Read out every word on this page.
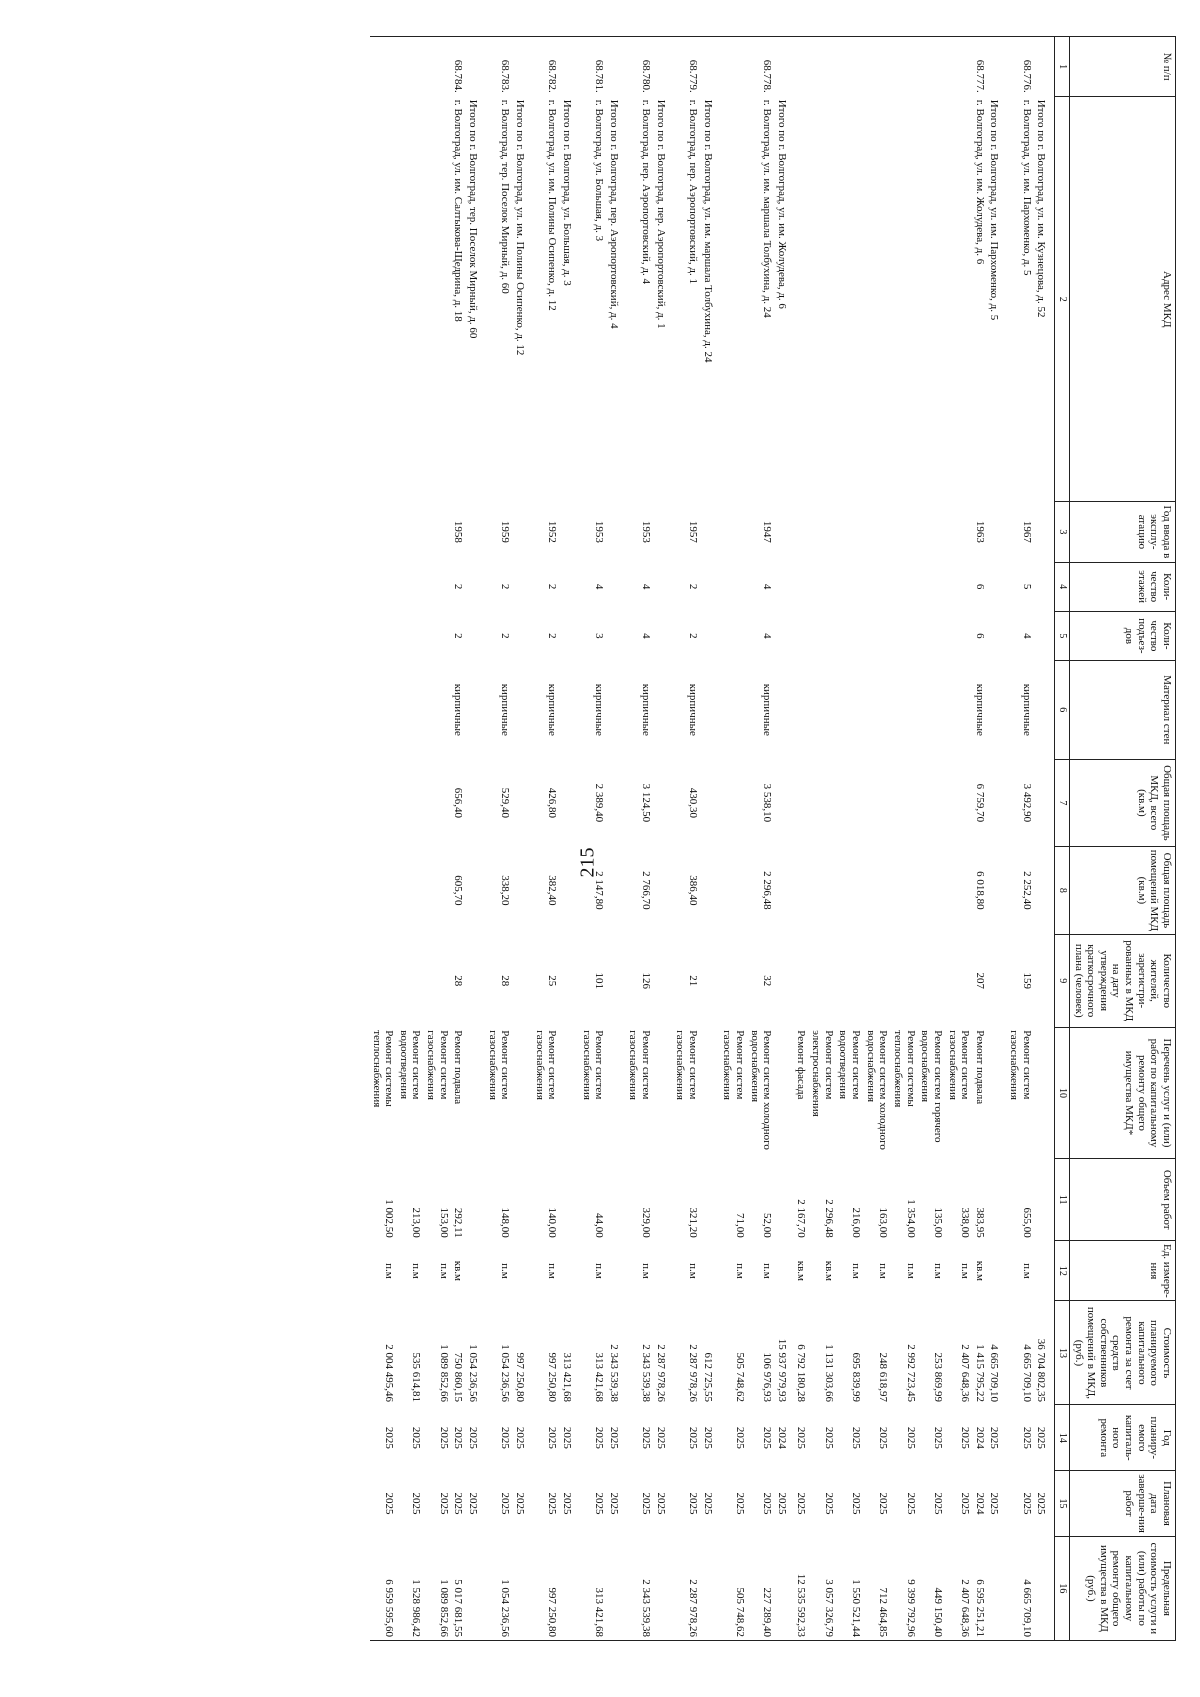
215
№ п/п	Адрес МКД	Год ввода в эксплу-атацию	Коли-чество этажей	Коли-чество подъез-дов	Материал стен	Общая площадь МКД, всего (кв.м)	Общая площадь помещений МКД (кв.м)	Количество жителей, зарегистри-рованных в МКД на дату утверждения краткосрочного плана (человек)	Перечень услуг и (или) работ по капитальному ремонту общего имущества МКД*	Объем работ	Ед. измере-ния	Стоимость планируемого капитального ремонта за счет средств собственников помещений в МКД, (руб.)	Год планиру-емого капиталь-ного ремонта	Плановая дата заверше-ния работ	Предельная стоимость услуги и (или) работы по капитальному ремонту общего имущества в МКД (руб.)
1	2	3	4	5	6	7	8	9	10	11	12	13	14	15	16
	Итого по г. Волгоград, ул. им. Кузнецова, д. 52											36 704 802,35	2025	2025	
68.776.	г. Волгоград, ул. им. Пархоменко, д. 5	1967	5	4	кирпичные	3 492,90	2 252,40	159	Ремонт систем газоснабжения	655,00	п.м	4 665 709,10	2025	2025	4 665 709,10
	Итого по г. Волгоград, ул. им. Пархоменко, д. 5											4 665 709,10	2025	2025	
68.777.	г. Волгоград, ул. им. Жолудева, д. 6	1963	6	6	кирпичные	6 759,70	6 018,80	207	Ремонт подвала	383,95	кв.м	1 415 795,22	2024	2024	6 595 251,21
									Ремонт систем газоснабжения	338,00	п.м	2 407 648,36	2025	2025	2 407 648,36
									Ремонт систем горячего водоснабжения	135,00	п.м	253 869,99	2025	2025	449 150,40
									Ремонт системы теплоснабжения	1 354,00	п.м	2 992 723,45	2025	2025	9 399 792,96
									Ремонт систем холодного водоснабжения	163,00	п.м	248 618,97	2025	2025	712 464,85
									Ремонт систем водоотведения	216,00	п.м	695 839,99	2025	2025	1 550 521,44
									Ремонт систем электроснабжения	2 296,48	кв.м	1 131 303,66	2025	2025	3 057 326,79
									Ремонт фасада	2 167,70	кв.м	6 792 180,28	2025	2025	12 535 592,33
	Итого по г. Волгоград, ул. им. Жолудева, д. 6											15 937 979,93	2024	2025	
68.778.	г. Волгоград, ул. им. маршала Толбухина, д. 24	1947	4	4	кирпичные	3 538,10	2 296,48	32	Ремонт систем холодного водоснабжения	52,00	п.м	106 976,93	2025	2025	227 289,40
									Ремонт систем газоснабжения	71,00	п.м	505 748,62	2025	2025	505 748,62
	Итого по г. Волгоград, ул. им. маршала Толбухина, д. 24											612 725,55	2025	2025	
68.779.	г. Волгоград, пер. Аэропортовский, д. 1	1957	2	2	кирпичные	430,30	386,40	21	Ремонт систем газоснабжения	321,20	п.м	2 287 978,26	2025	2025	2 287 978,26
	Итого по г. Волгоград, пер. Аэропортовский, д. 1											2 287 978,26	2025	2025	
68.780.	г. Волгоград, пер. Аэропортовский, д. 4	1953	4	4	кирпичные	3 124,50	2 766,70	126	Ремонт систем газоснабжения	329,00	п.м	2 343 539,38	2025	2025	2 343 539,38
	Итого по г. Волгоград, пер. Аэропортовский, д. 4											2 343 539,38	2025	2025	
68.781.	г. Волгоград, ул. Большая, д. 3	1953	4	3	кирпичные	2 389,40	2 147,80	101	Ремонт систем газоснабжения	44,00	п.м	313 421,68	2025	2025	313 421,68
	Итого по г. Волгоград, ул. Большая, д. 3											313 421,68	2025	2025	
68.782.	г. Волгоград, ул. им. Полины Осипенко, д. 12	1952	2	2	кирпичные	426,80	382,40	25	Ремонт систем газоснабжения	140,00	п.м	997 250,80	2025	2025	997 250,80
	Итого по г. Волгоград, ул. им. Полины Осипенко, д. 12											997 250,80	2025	2025	
68.783.	г. Волгоград, тер. Поселок Мирный, д. 60	1959	2	2	кирпичные	529,40	338,20	28	Ремонт систем газоснабжения	148,00	п.м	1 054 236,56	2025	2025	1 054 236,56
	Итого по г. Волгоград, тер. Поселок Мирный, д. 60											1 054 236,56	2025	2025	
68.784.	г. Волгоград, ул. им. Салтыкова-Щедрина, д. 18	1958	2	2	кирпичные	656,40	605,70	28	Ремонт подвала	292,11	кв.м	750 860,15	2025	2025	5 017 681,55
									Ремонт систем газоснабжения	153,00	п.м	1 089 852,66	2025	2025	1 089 852,66
									Ремонт систем водоотведения	213,00	п.м	535 614,81	2025	2025	1 528 986,42
									Ремонт системы теплоснабжения	1 002,50	п.м	2 004 495,46	2025	2025	6 959 595,60
